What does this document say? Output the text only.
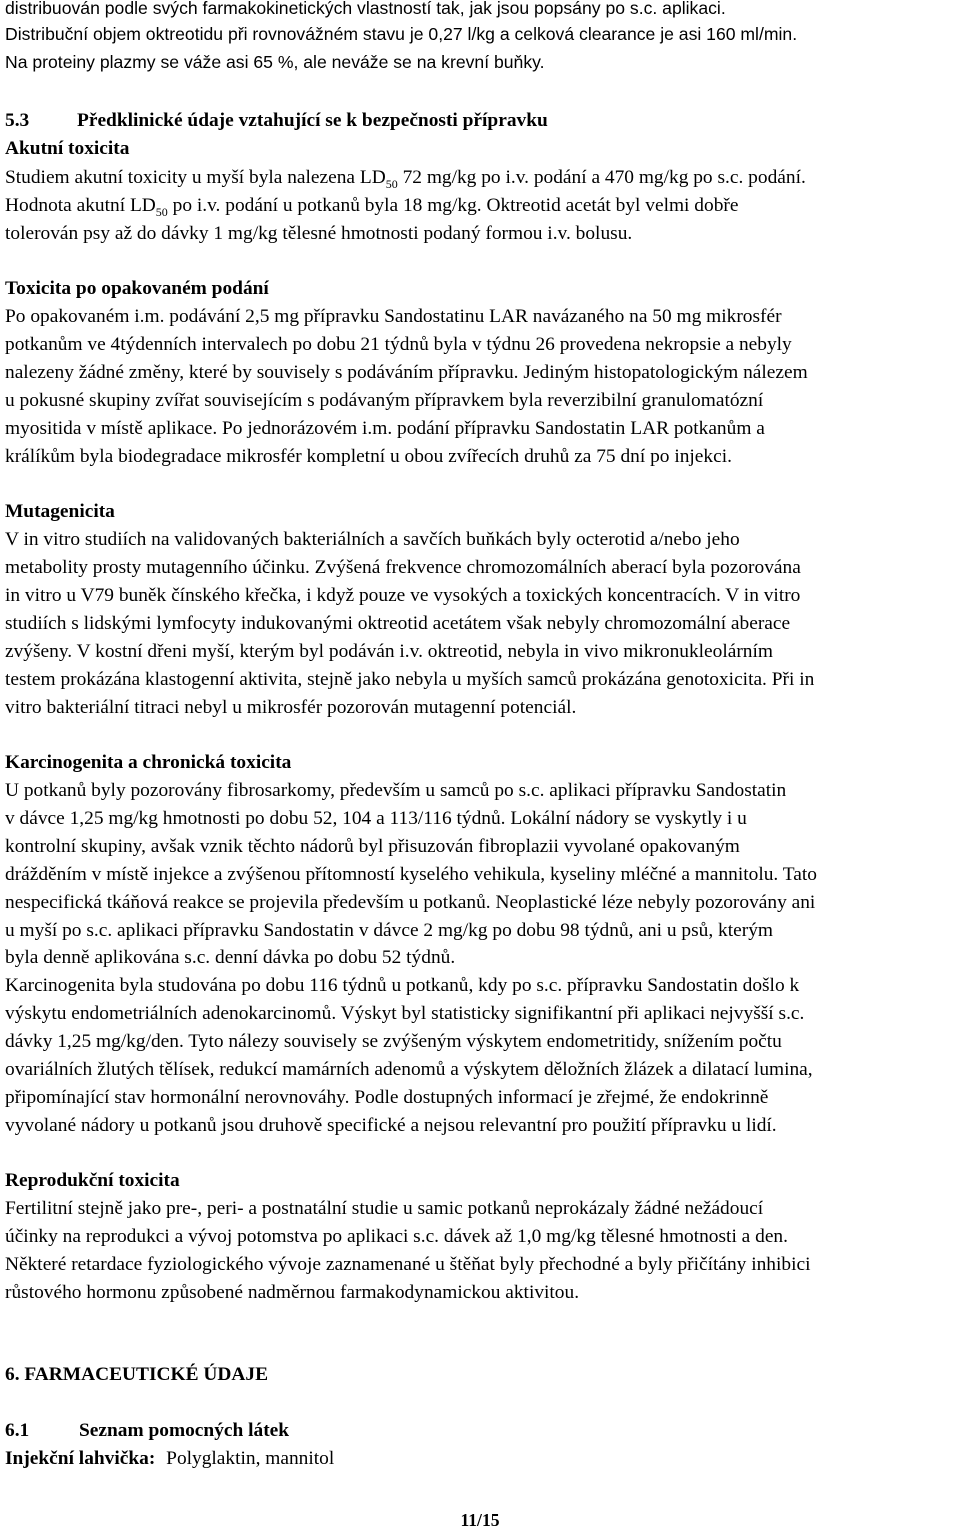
distribuován podle svých farmakokinetických vlastností tak, jak jsou popsány po s.c. aplikaci.
Distribuční objem oktreotidu při rovnovážném stavu je 0,27 l/kg a celková clearance je asi 160 ml/min.
Na proteiny plazmy se váže asi 65 %, ale neváže se na krevní buňky.
5.3 Předklinické údaje vztahující se k bezpečnosti přípravku
Akutní toxicita
Studiem akutní toxicity u myší byla nalezena $LD_{50}$ 72 mg/kg po i.v. podání a 470 mg/kg po s.c. podání.
Hodnota akutní $LD_{50}$ po i.v. podání u potkanů byla 18 mg/kg. Oktreotid acetát byl velmi dobře
tolerován psy až do dávky 1 mg/kg tělesné hmotnosti podaný formou i.v. bolusu.
Toxicita po opakovaném podání
Po opakovaném i.m. podávání 2,5 mg přípravku Sandostatinu LAR navázaného na 50 mg mikrosfér
potkanům ve 4týdenních intervalech po dobu 21 týdnů byla v týdnu 26 provedena nekropsie a nebyly
nalezeny žádné změny, které by souvisely s podáváním přípravku. Jediným histopatologickým nálezem
u pokusné skupiny zvířat souvisejícím s podávaným přípravkem byla reverzibilní granulomatózní
myositida v místě aplikace. Po jednorázovém i.m. podání přípravku Sandostatin LAR potkanům a
králíkům byla biodegradace mikrosfér kompletní u obou zvířecích druhů za 75 dní po injekci.
Mutagenicita
V in vitro studiích na validovaných bakteriálních a savčích buňkách byly octerotid a/nebo jeho
metabolity prosty mutagenního účinku. Zvýšená frekvence chromozomálních aberací byla pozorována
in vitro u V79 buněk čínského křečka, i když pouze ve vysokých a toxických koncentracích. V in vitro
studiích s lidskými lymfocyty indukovanými oktreotid acetátem však nebyly chromozomální aberace
zvýšeny. V kostní dřeni myší, kterým byl podáván i.v. oktreotid, nebyla in vivo mikronukleolárním
testem prokázána klastogenní aktivita, stejně jako nebyla u myších samců prokázána genotoxicita. Při in
vitro bakteriální titraci nebyl u mikrosfér pozorován mutagenní potenciál.
Karcinogenita a chronická toxicita
U potkanů byly pozorovány fibrosarkomy, především u samců po s.c. aplikaci přípravku Sandostatin
v dávce 1,25 mg/kg hmotnosti po dobu 52, 104 a 113/116 týdnů. Lokální nádory se vyskytly i u
kontrolní skupiny, avšak vznik těchto nádorů byl přisuzován fibroplazii vyvolané opakovaným
drážděním v místě injekce a zvýšenou přítomností kyselého vehikula, kyseliny mléčné a mannitolu. Tato
nespecifická tkáňová reakce se projevila především u potkanů. Neoplastické léze nebyly pozorovány ani
u myší po s.c. aplikaci přípravku Sandostatin v dávce 2 mg/kg po dobu 98 týdnů, ani u psů, kterým
byla denně aplikována s.c. denní dávka po dobu 52 týdnů.
Karcinogenita byla studována po dobu 116 týdnů u potkanů, kdy po s.c. přípravku Sandostatin došlo k
výskytu endometriálních adenokarcinomů. Výskyt byl statisticky signifikantní při aplikaci nejvyšší s.c.
dávky 1,25 mg/kg/den. Tyto nálezy souvisely se zvýšeným výskytem endometritidy, snížením počtu
ovariálních žlutých tělísek, redukcí mamárních adenomů a výskytem děložních žlázek a dilatací lumina,
připomínající stav hormonální nerovnováhy. Podle dostupných informací je zřejmé, že endokrinně
vyvolané nádory u potkanů jsou druhově specifické a nejsou relevantní pro použití přípravku u lidí.
Reprodukční toxicita
Fertilitní stejně jako pre-, peri- a postnatální studie u samic potkanů neprokázaly žádné nežádoucí
účinky na reprodukci a vývoj potomstva po aplikaci s.c. dávek až 1,0 mg/kg tělesné hmotnosti a den.
Některé retardace fyziologického vývoje zaznamenané u štěňat byly přechodné a byly přičítány inhibici
růstového hormonu způsobené nadměrnou farmakodynamickou aktivitou.
6. FARMACEUTICKÉ ÚDAJE
6.1	Seznam pomocných látek
Injekční lahvička: Polyglaktin, mannitol
11/15
